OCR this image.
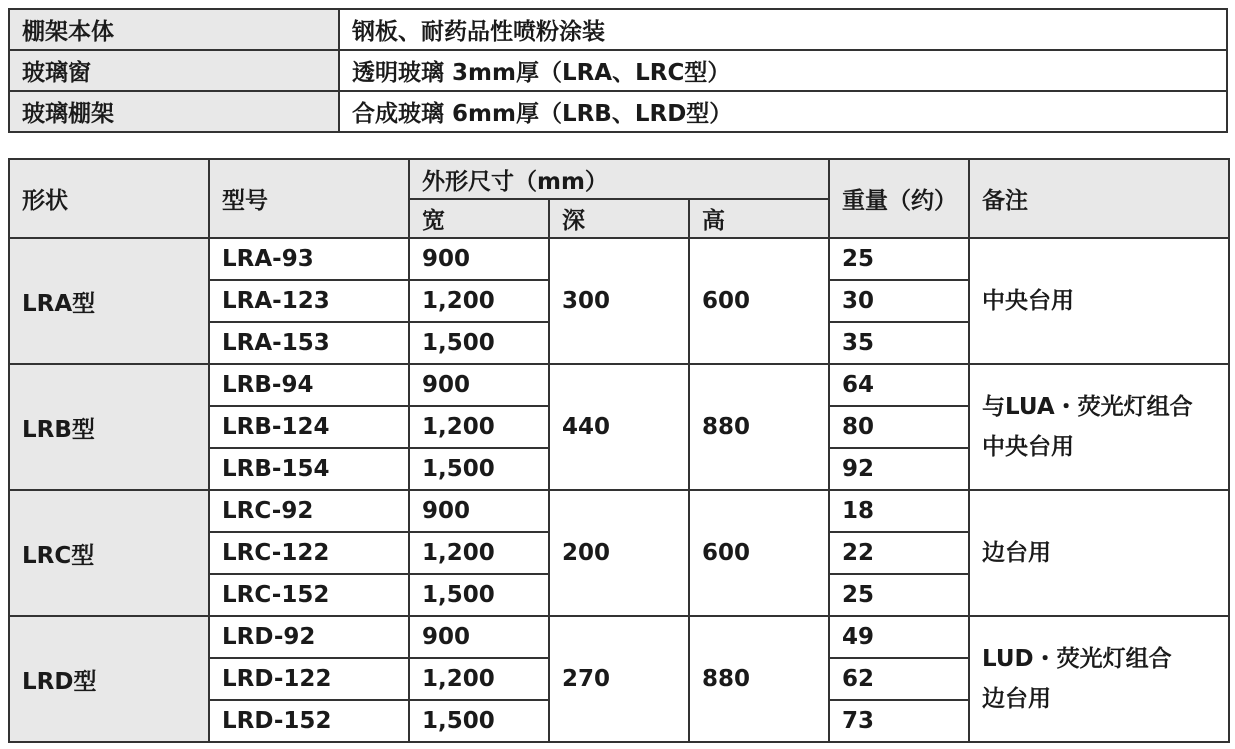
棚架本体	钢板、耐药品性喷粉涂装
玻璃窗	透明玻璃 3mm厚（LRA、LRC型）
玻璃棚架	合成玻璃 6mm厚（LRB、LRD型）
形状	型号	外形尺寸（mm）			重量（约）	备注
		宽	深	高		
LRA型	LRA-93	900	300	600	25	中央台用

	LRA-123	1,200			30	
	LRA-153	1,500			35	
LRB型	LRB-94	900	440	880	64	与LUA・荧光灯组合
中央台用

	LRB-124	1,200			80	
	LRB-154	1,500			92	
LRC型	LRC-92	900	200	600	18	边台用

	LRC-122	1,200			22	
	LRC-152	1,500			25	
LRD型	LRD-92	900	270	880	49	LUD・荧光灯组合
边台用

	LRD-122	1,200			62	
	LRD-152	1,500			73	
